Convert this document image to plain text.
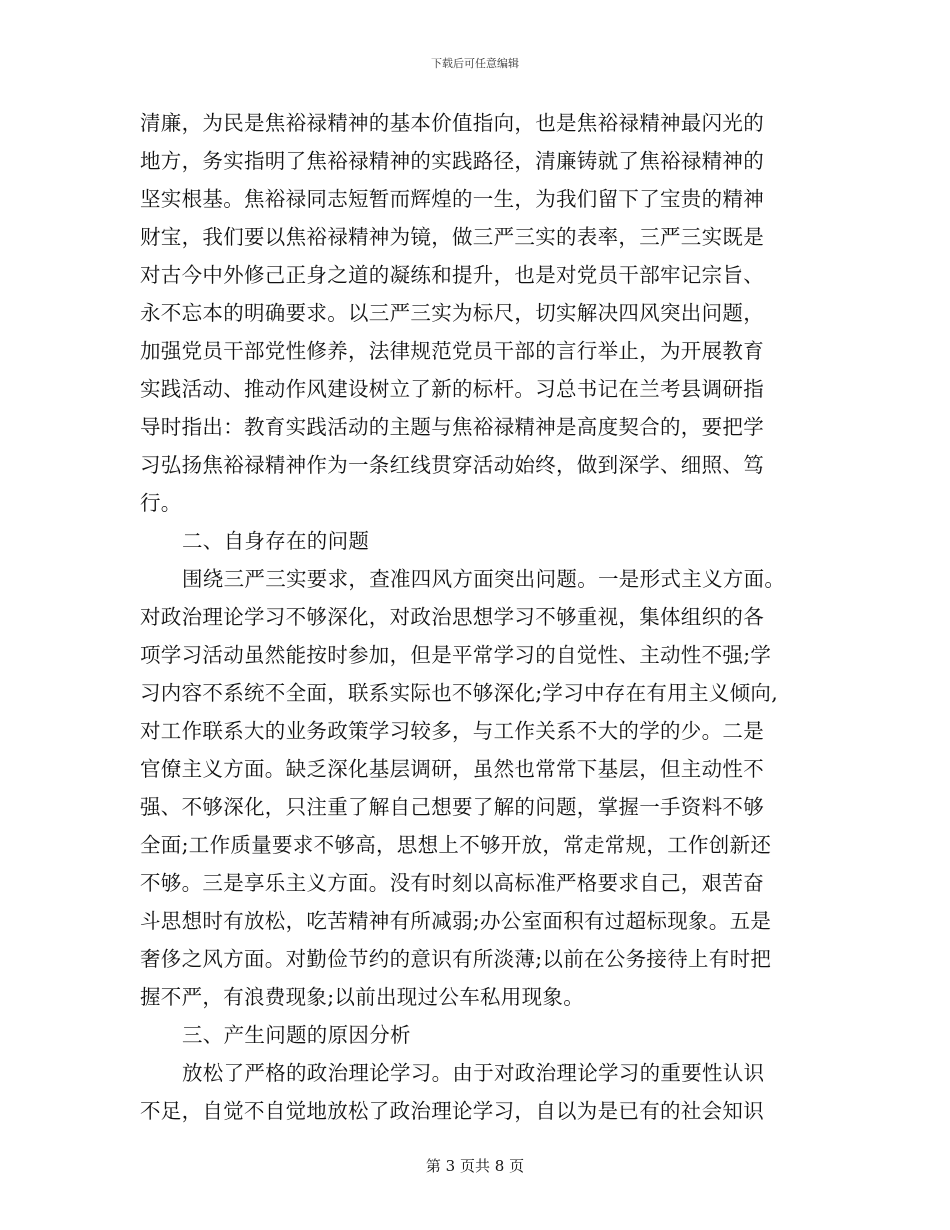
下载后可任意编辑
清廉，为民是焦裕禄精神的基本价值指向，也是焦裕禄精神最闪光的
地方，务实指明了焦裕禄精神的实践路径，清廉铸就了焦裕禄精神的
坚实根基。焦裕禄同志短暂而辉煌的一生，为我们留下了宝贵的精神
财宝，我们要以焦裕禄精神为镜，做三严三实的表率，三严三实既是
对古今中外修己正身之道的凝练和提升，也是对党员干部牢记宗旨、
永不忘本的明确要求。以三严三实为标尺，切实解决四风突出问题，
加强党员干部党性修养，法律规范党员干部的言行举止，为开展教育
实践活动、推动作风建设树立了新的标杆。习总书记在兰考县调研指
导时指出：教育实践活动的主题与焦裕禄精神是高度契合的，要把学
习弘扬焦裕禄精神作为一条红线贯穿活动始终，做到深学、细照、笃
行。
二、自身存在的问题
围绕三严三实要求，查准四风方面突出问题。一是形式主义方面。
对政治理论学习不够深化，对政治思想学习不够重视，集体组织的各
项学习活动虽然能按时参加，但是平常学习的自觉性、主动性不强;学
习内容不系统不全面，联系实际也不够深化;学习中存在有用主义倾向,
对工作联系大的业务政策学习较多，与工作关系不大的学的少。二是
官僚主义方面。缺乏深化基层调研，虽然也常常下基层，但主动性不
强、不够深化，只注重了解自己想要了解的问题，掌握一手资料不够
全面;工作质量要求不够高，思想上不够开放，常走常规，工作创新还
不够。三是享乐主义方面。没有时刻以高标准严格要求自己，艰苦奋
斗思想时有放松，吃苦精神有所减弱;办公室面积有过超标现象。五是
奢侈之风方面。对勤俭节约的意识有所淡薄;以前在公务接待上有时把
握不严，有浪费现象;以前出现过公车私用现象。
三、产生问题的原因分析
放松了严格的政治理论学习。由于对政治理论学习的重要性认识
不足，自觉不自觉地放松了政治理论学习，自以为是已有的社会知识
第 3 页共 8 页
